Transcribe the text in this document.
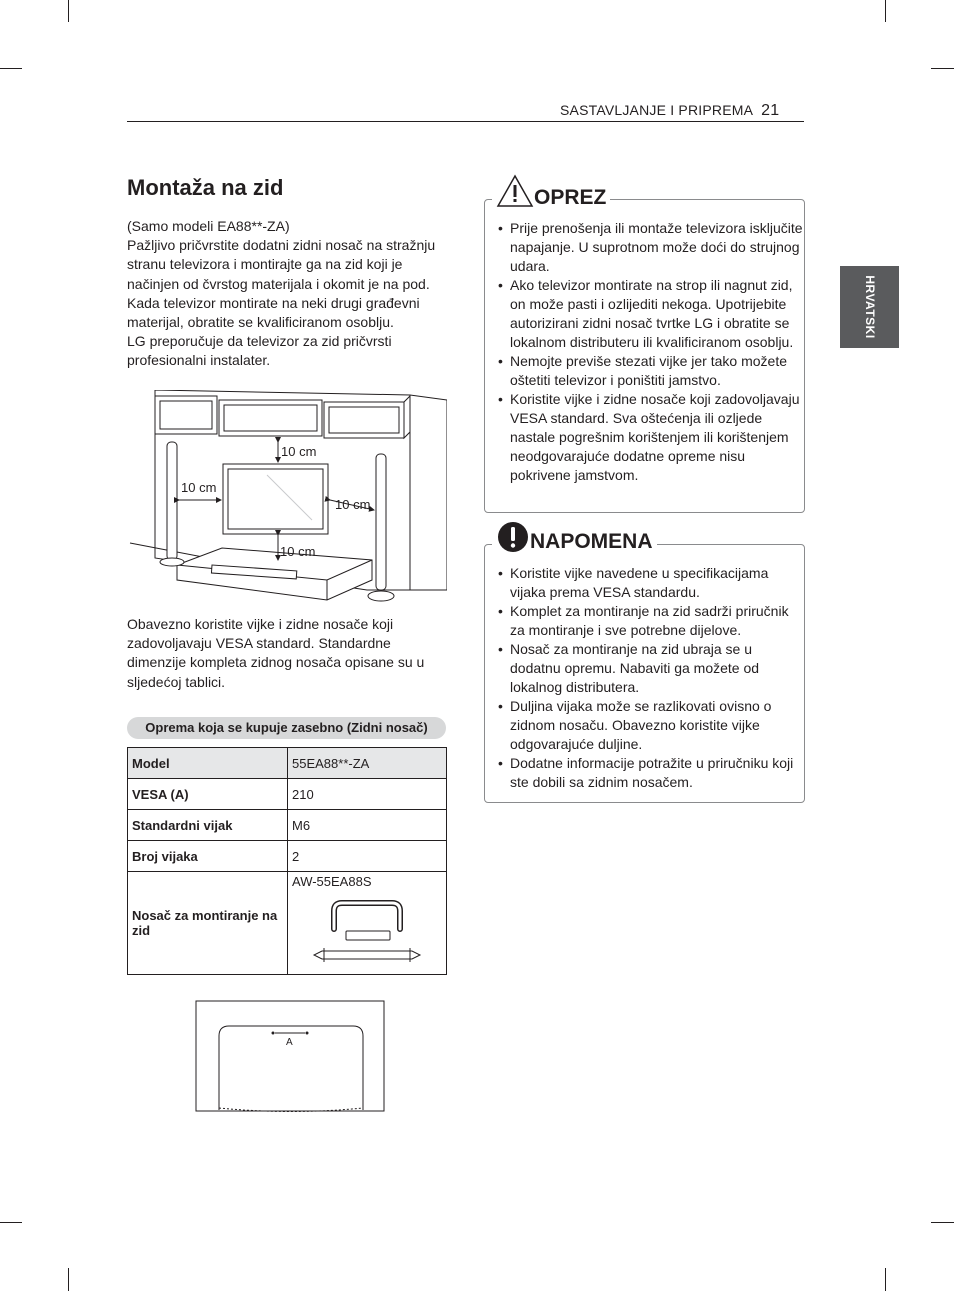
SASTAVLJANJE I PRIPREMA 21
HRVATSKI
Montaža na zid

(Samo modeli EA88**-ZA)

Pažljivo pričvrstite dodatni zidni nosač na stražnju stranu televizora i montirajte ga na zid koji je načinjen od čvrstog materijala i okomit je na pod.

Kada televizor montirate na neki drugi građevni materijal, obratite se kvalificiranom osoblju.

LG preporučuje da televizor za zid pričvrsti profesionalni instalater.

10 cm
10 cm
10 cm
10 cm

Obavezno koristite vijke i zidne nosače koji zadovoljavaju VESA standard. Standardne dimenzije kompleta zidnog nosača opisane su u sljedećoj tablici.

Oprema koja se kupuje zasebno (Zidni nosač)
Model	55EA88**-ZA
VESA (A)	210
Standardni vijak	M6
Broj vijaka	2
Nosač za montiranje na zid	AW-55EA88S
A
• Prije prenošenja ili montaže televizora isključite napajanje. U suprotnom može doći do strujnog udara.
• Ako televizor montirate na strop ili nagnut zid, on može pasti i ozlijediti nekoga. Upotrijebite autorizirani zidni nosač tvrtke LG i obratite se lokalnom distributeru ili kvalificiranom osoblju.
• Nemojte previše stezati vijke jer tako možete oštetiti televizor i poništiti jamstvo.
• Koristite vijke i zidne nosače koji zadovoljavaju VESA standard. Sva oštećenja ili ozljede nastale pogrešnim korištenjem ili korištenjem neodgovarajuće dodatne opreme nisu pokrivene jamstvom.
OPREZ
• Koristite vijke navedene u specifikacijama vijaka prema VESA standardu.
• Komplet za montiranje na zid sadrži priručnik za montiranje i sve potrebne dijelove.
• Nosač za montiranje na zid ubraja se u dodatnu opremu. Nabaviti ga možete od lokalnog distributera.
• Duljina vijaka može se razlikovati ovisno o zidnom nosaču. Obavezno koristite vijke odgovarajuće duljine.
• Dodatne informacije potražite u priručniku koji ste dobili sa zidnim nosačem.
NAPOMENA
